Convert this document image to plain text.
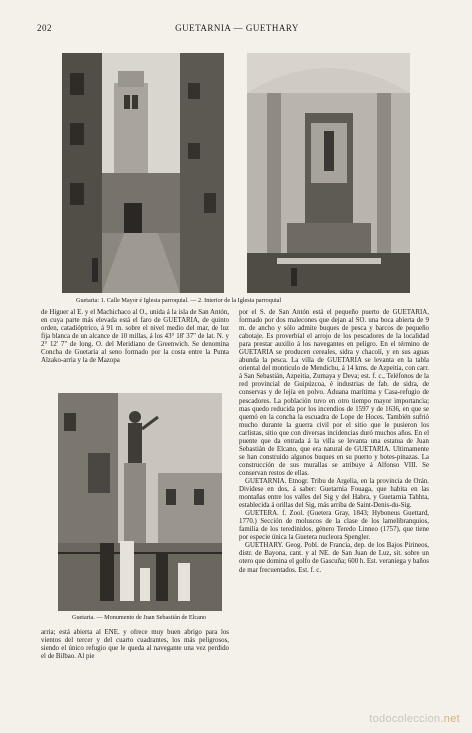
202	GUETARNIA — GUETHARY
Guetaria: 1. Calle Mayor é Iglesia parroquial. — 2. Interior de la Iglesia parroquial

de Higuer al E. y el Machichaco al O., unida á la isla de San Antón, en cuya parte más elevada está el faro de GUETARIA, de quinto orden, catadióptrico, á 91 m. sobre el nivel medio del mar, de luz fija blanca de un alcance de 10 millas, á los 43° 18' 37" de lat. N. y 2° 12' 7" de long. O. del Meridiano de Greenwich. Se denomina Concha de Guetaria al seno formado por la costa entre la Punta Alzako-arria y la de Mazopa

Guetaria. — Monumento de Juan Sebastián de Elcano

arria; está abierta al ENE. y ofrece muy buen abrigo para los vientos del tercer y del cuarto cuadrantes, los más peligrosos, siendo el único refugio que le queda al navegante una vez perdido el de Bilbao. Al pie

por el S. de San Antón está el pequeño puerto de GUETARIA, formado por dos malecones que dejan al SO. una boca abierta de 9 m. de ancho y sólo admite buques de pesca y barcos de pequeño cabotaje. Es proverbial el arrojo de los pescadores de la localidad para prestar auxilio á los navegantes en peligro. En el término de GUETARIA se producen cereales, sidra y chacolí, y en sus aguas abunda la pesca. La villa de GUETARIA se levanta en la tabla oriental del monticulo de Mendichu, á 14 kms. de Azpeitia, con carr. á San Sebastián, Azpeitia, Zumaya y Deva; est. f. c., Teléfonos de la red provincial de Guipúzcoa, é industrias de fab. de sidra, de conservas y de lejía en polvo. Aduana marítima y Casa-refugio de pescadores. La población tuvo en otro tiempo mayor importancia; mas quedo reducida por los incendios de 1597 y de 1636, en que se quemó en la concha la escuadra de Lope de Hoces. También sufrió mucho durante la guerra civil por el sitio que le pusieron los carlistas, sitio que con diversas incidencias duró muchos años. En el puente que da entrada á la villa se levanta una estatua de Juan Sebastián de Elcano, que era natural de GUETARIA. Ultimamente se han construido algunos buques en su puerto y botes-pinazas. La construcción de sus murallas se atribuye á Alfonso VIII. Se conservan restos de ellas.

GUETARNIA. Etnogr. Tribu de Argelia, en la provincia de Orán. Dividese en dos, á saber: Guetarnia Fouaga, que habita en las montañas entre los valles del Sig y del Habra, y Guetarnia Tahhta, establecida á orillas del Sig, más arriba de Saint-Denis-du-Sig.

GUETERA. f. Zool. (Guetera Gray, 1843; Hyboneus Guettard, 1770.) Sección de moluscos de la clase de los lamelibranquios, familia de los teredinidos, género Teredo Linneo (1757), que tiene por especie única la Guetera nucleora Spengler.

GUETHARY. Geog. Pobl. de Francia, dep. de los Bajos Pirineos, distr. de Bayona, cant. y al NE. de San Juan de Luz, sit. sobre un otero que domina el golfo de Gascuña; 600 h. Est. veraniega y baños de mar frecuentados. Est. f. c.

todocoleccion.net
